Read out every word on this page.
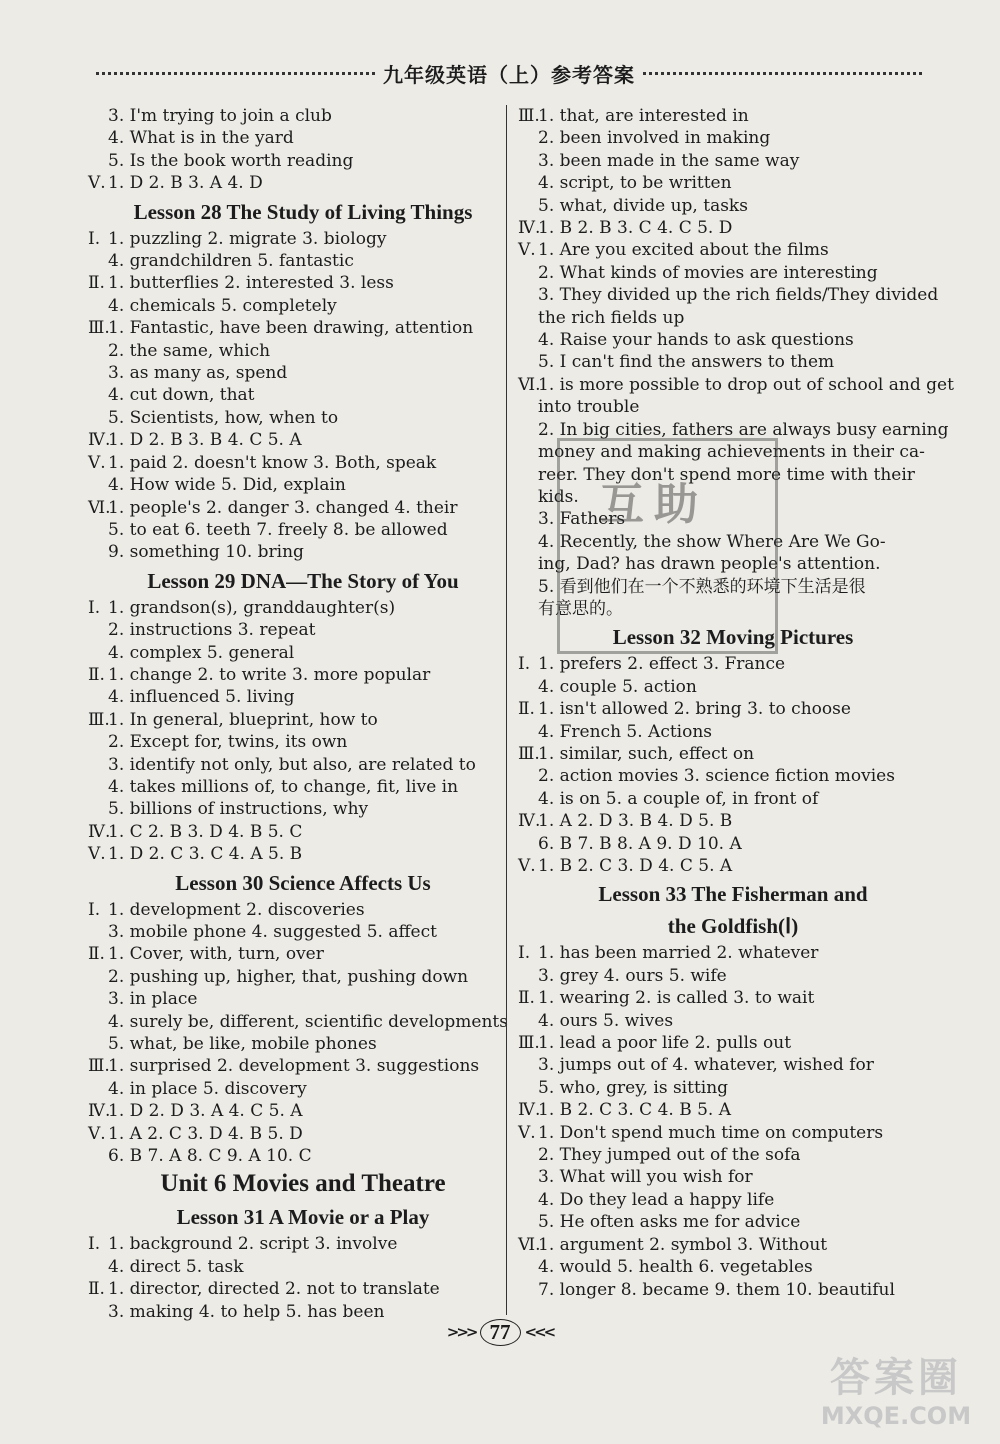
九年级英语（上）参考答案
3. I'm trying to join a club
4. What is in the yard
5. Is the book worth reading
Ⅴ. 1. D 2. B 3. A 4. D
Lesson 28 The Study of Living Things
Ⅰ. 1. puzzling 2. migrate 3. biology
4. grandchildren 5. fantastic
Ⅱ. 1. butterflies 2. interested 3. less
4. chemicals 5. completely
Ⅲ.
1. Fantastic, have been drawing, attention
2. the same, which
3. as many as, spend
4. cut down, that
5. Scientists, how, when to
Ⅳ.
1. D 2. B 3. B 4. C 5. A
Ⅴ. 1. paid 2. doesn't know 3. Both, speak
4. How wide 5. Did, explain
Ⅵ.
1. people's 2. danger 3. changed 4. their
5. to eat 6. teeth 7. freely 8. be allowed
9. something 10. bring
Lesson 29 DNA—The Story of You
Ⅰ. 1. grandson(s), granddaughter(s)
2. instructions 3. repeat
4. complex 5. general
Ⅱ. 1. change 2. to write 3. more popular
4. influenced 5. living
Ⅲ.
1. In general, blueprint, how to
2. Except for, twins, its own
3. identify not only, but also, are related to
4. takes millions of, to change, fit, live in
5. billions of instructions, why
Ⅳ.
1. C 2. B 3. D 4. B 5. C
Ⅴ. 1. D 2. C 3. C 4. A 5. B
Lesson 30 Science Affects Us
Ⅰ. 1. development 2. discoveries
3. mobile phone 4. suggested 5. affect
Ⅱ. 1. Cover, with, turn, over
2. pushing up, higher, that, pushing down
3. in place
4. surely be, different, scientific developments
5. what, be like, mobile phones
Ⅲ.
1. surprised 2. development 3. suggestions
4. in place 5. discovery
Ⅳ.
1. D 2. D 3. A 4. C 5. A
Ⅴ. 1. A 2. C 3. D 4. B 5. D
6. B 7. A 8. C 9. A 10. C
Unit 6 Movies and Theatre
Lesson 31 A Movie or a Play
Ⅰ. 1. background 2. script 3. involve
4. direct 5. task
Ⅱ. 1. director, directed 2. not to translate
3. making 4. to help 5. has been
Ⅲ.
1. that, are interested in
2. been involved in making
3. been made in the same way
4. script, to be written
5. what, divide up, tasks
Ⅳ.
1. B 2. B 3. C 4. C 5. D
Ⅴ. 1. Are you excited about the films
2. What kinds of movies are interesting
3. They divided up the rich fields/They divided
the rich fields up
4. Raise your hands to ask questions
5. I can't find the answers to them
Ⅵ.
1. is more possible to drop out of school and get
into trouble
2. In big cities, fathers are always busy earning
money and making achievements in their ca-
reer. They don't spend more time with their
kids.
3. Fathers
4. Recently, the show Where Are We Go-
ing, Dad? has drawn people's attention.
5. 看到他们在一个不熟悉的环境下生活是很
有意思的。
Lesson 32 Moving Pictures
Ⅰ. 1. prefers 2. effect 3. France
4. couple 5. action
Ⅱ. 1. isn't allowed 2. bring 3. to choose
4. French 5. Actions
Ⅲ.
1. similar, such, effect on
2. action movies 3. science fiction movies
4. is on 5. a couple of, in front of
Ⅳ.
1. A 2. D 3. B 4. D 5. B
6. B 7. B 8. A 9. D 10. A
Ⅴ. 1. B 2. C 3. D 4. C 5. A
Lesson 33 The Fisherman and
the Goldfish(Ⅰ)
Ⅰ. 1. has been married 2. whatever
3. grey 4. ours 5. wife
Ⅱ. 1. wearing 2. is called 3. to wait
4. ours 5. wives
Ⅲ.
1. lead a poor life 2. pulls out
3. jumps out of 4. whatever, wished for
5. who, grey, is sitting
Ⅳ.
1. B 2. C 3. C 4. B 5. A
Ⅴ. 1. Don't spend much time on computers
2. They jumped out of the sofa
3. What will you wish for
4. Do they lead a happy life
5. He often asks me for advice
Ⅵ.
1. argument 2. symbol 3. Without
4. would 5. health 6. vegetables
7. longer 8. became 9. them 10. beautiful
互助
>>> 77 <<<
答案圈
MXQE.COM
